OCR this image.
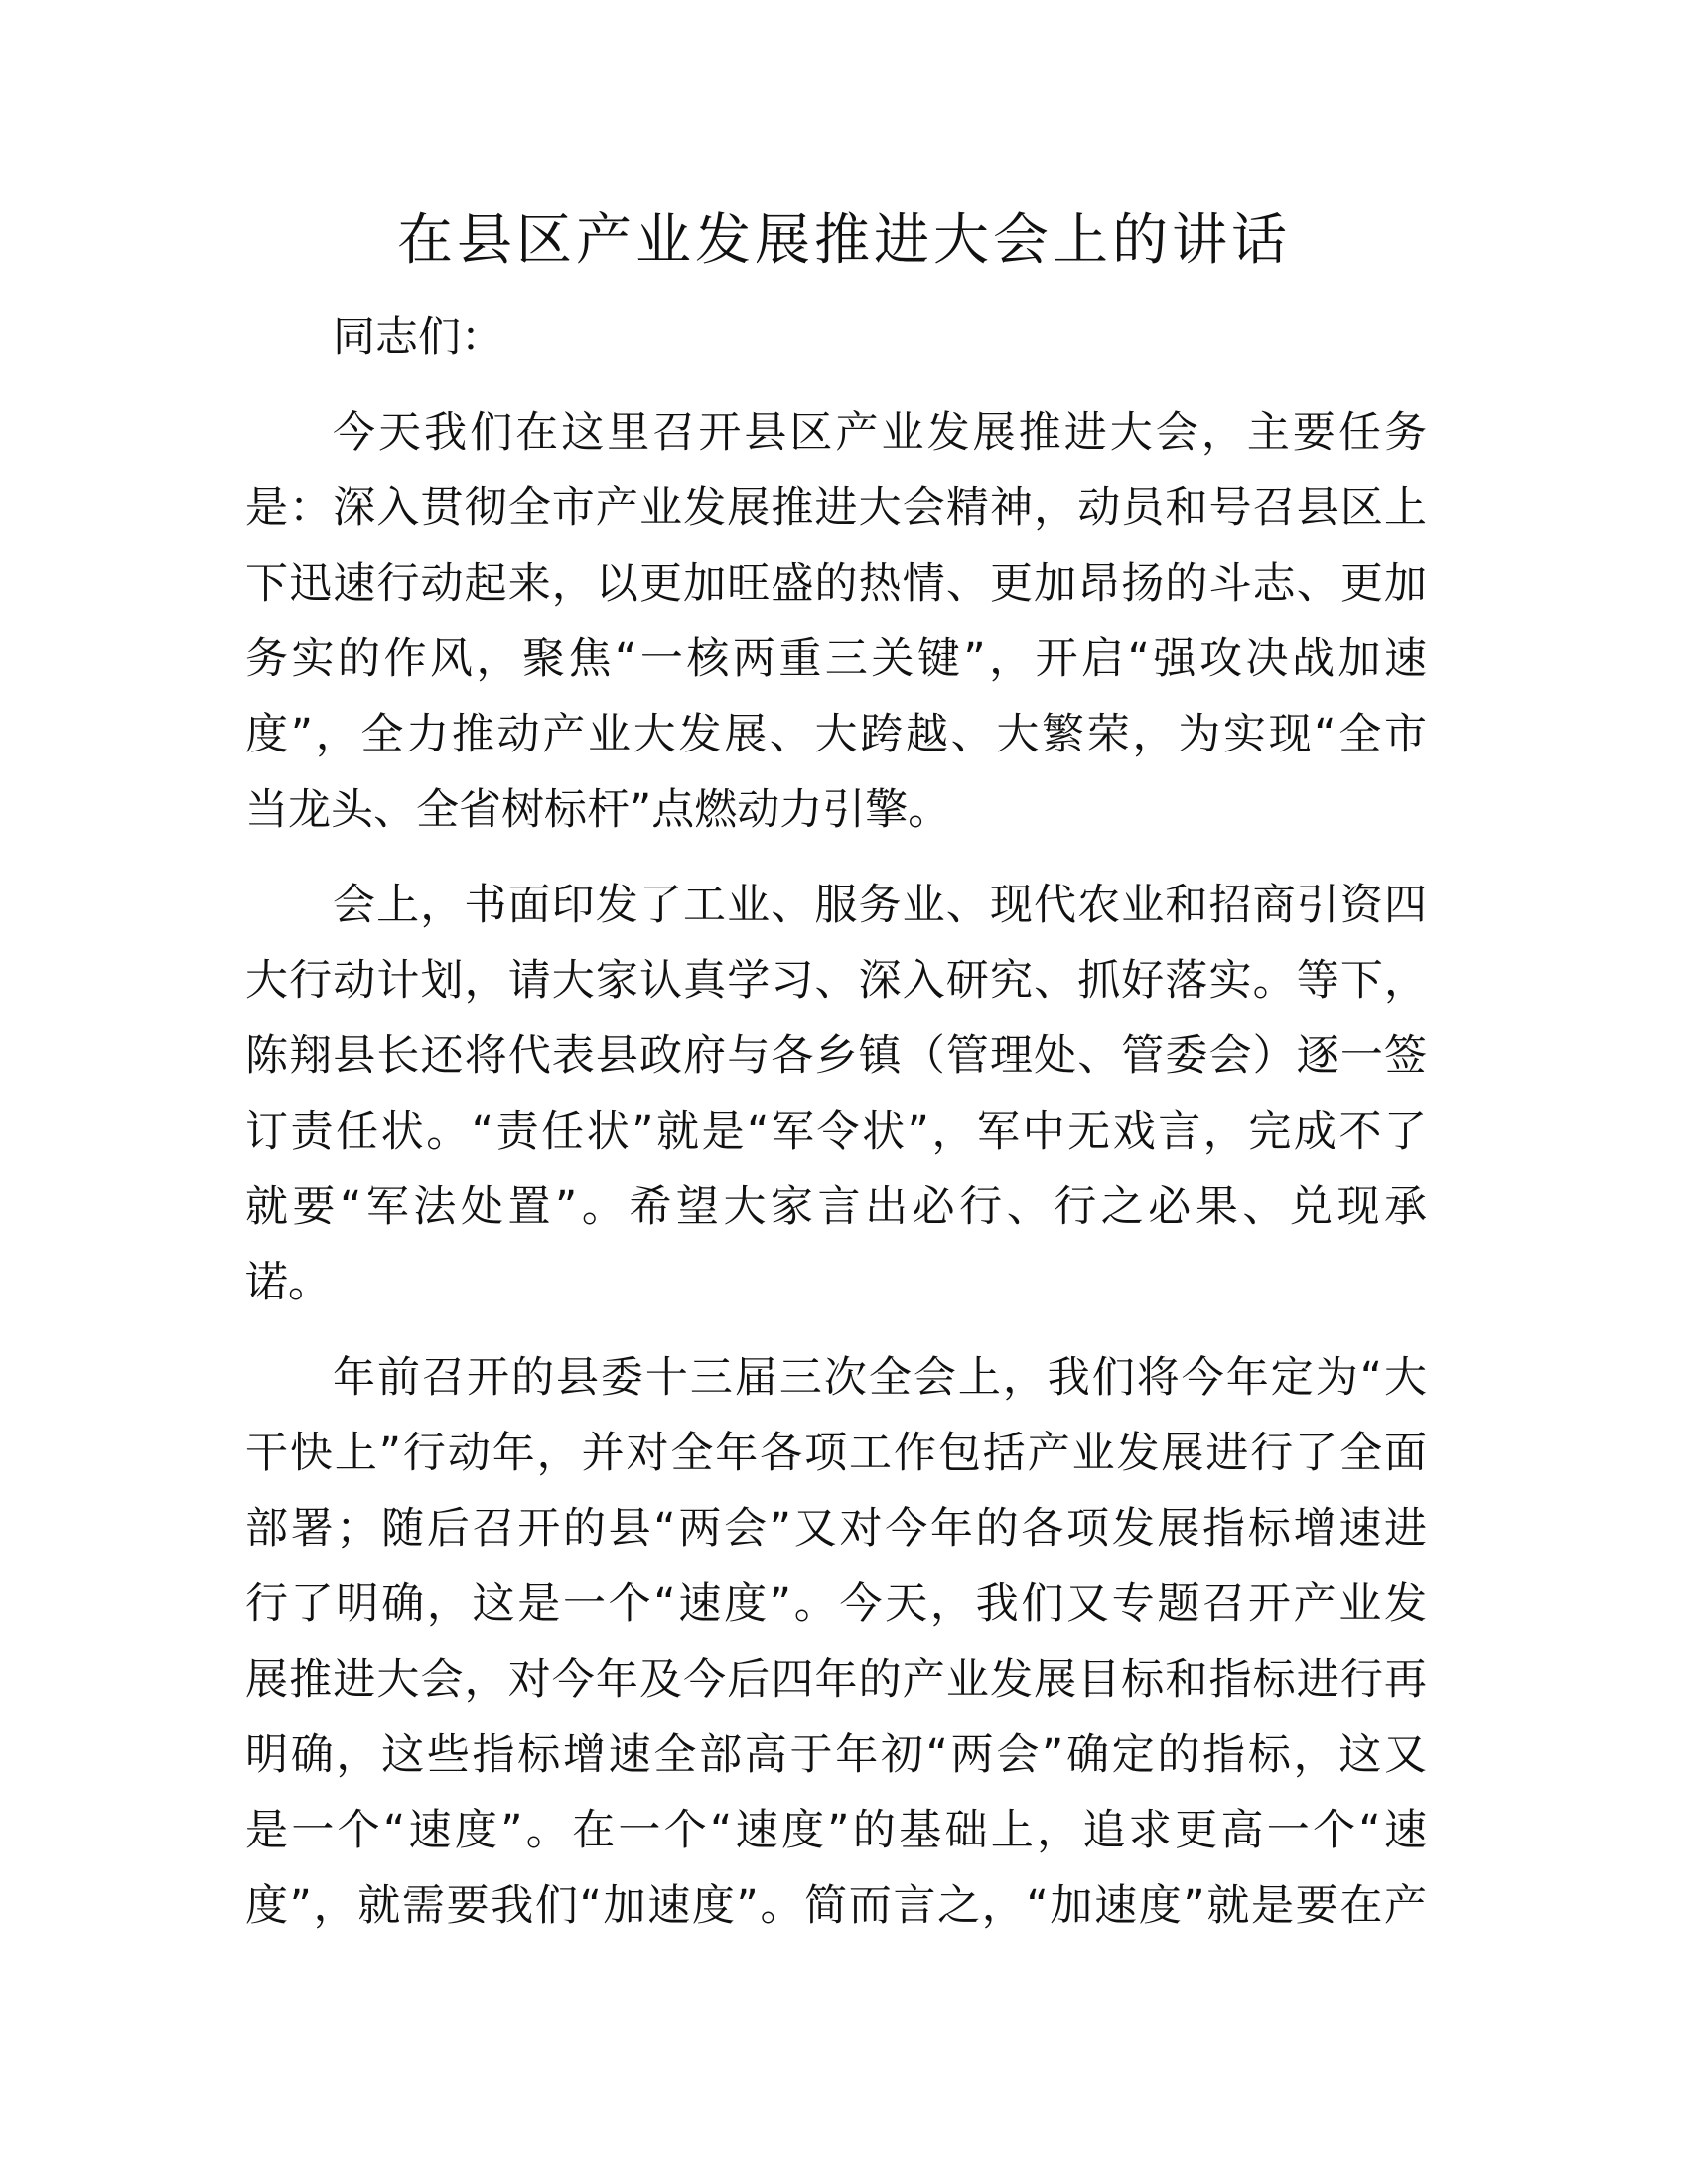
在县区产业发展推进大会上的讲话
同志们：
今天我们在这里召开县区产业发展推进大会，主要任务
是：深入贯彻全市产业发展推进大会精神，动员和号召县区上
下迅速行动起来，以更加旺盛的热情、更加昂扬的斗志、更加
务实的作风，聚焦“一核两重三关键”，开启“强攻决战加速
度”，全力推动产业大发展、大跨越、大繁荣，为实现“全市
当龙头、全省树标杆”点燃动力引擎。
会上，书面印发了工业、服务业、现代农业和招商引资四
大行动计划，请大家认真学习、深入研究、抓好落实。等下，
陈翔县长还将代表县政府与各乡镇（管理处、管委会）逐一签
订责任状。“责任状”就是“军令状”，军中无戏言，完成不了
就要“军法处置”。希望大家言出必行、行之必果、兑现承
诺。
年前召开的县委十三届三次全会上，我们将今年定为“大
干快上”行动年，并对全年各项工作包括产业发展进行了全面
部署；随后召开的县“两会”又对今年的各项发展指标增速进
行了明确，这是一个“速度”。今天，我们又专题召开产业发
展推进大会，对今年及今后四年的产业发展目标和指标进行再
明确，这些指标增速全部高于年初“两会”确定的指标，这又
是一个“速度”。在一个“速度”的基础上，追求更高一个“速
度”，就需要我们“加速度”。简而言之，“加速度”就是要在产
